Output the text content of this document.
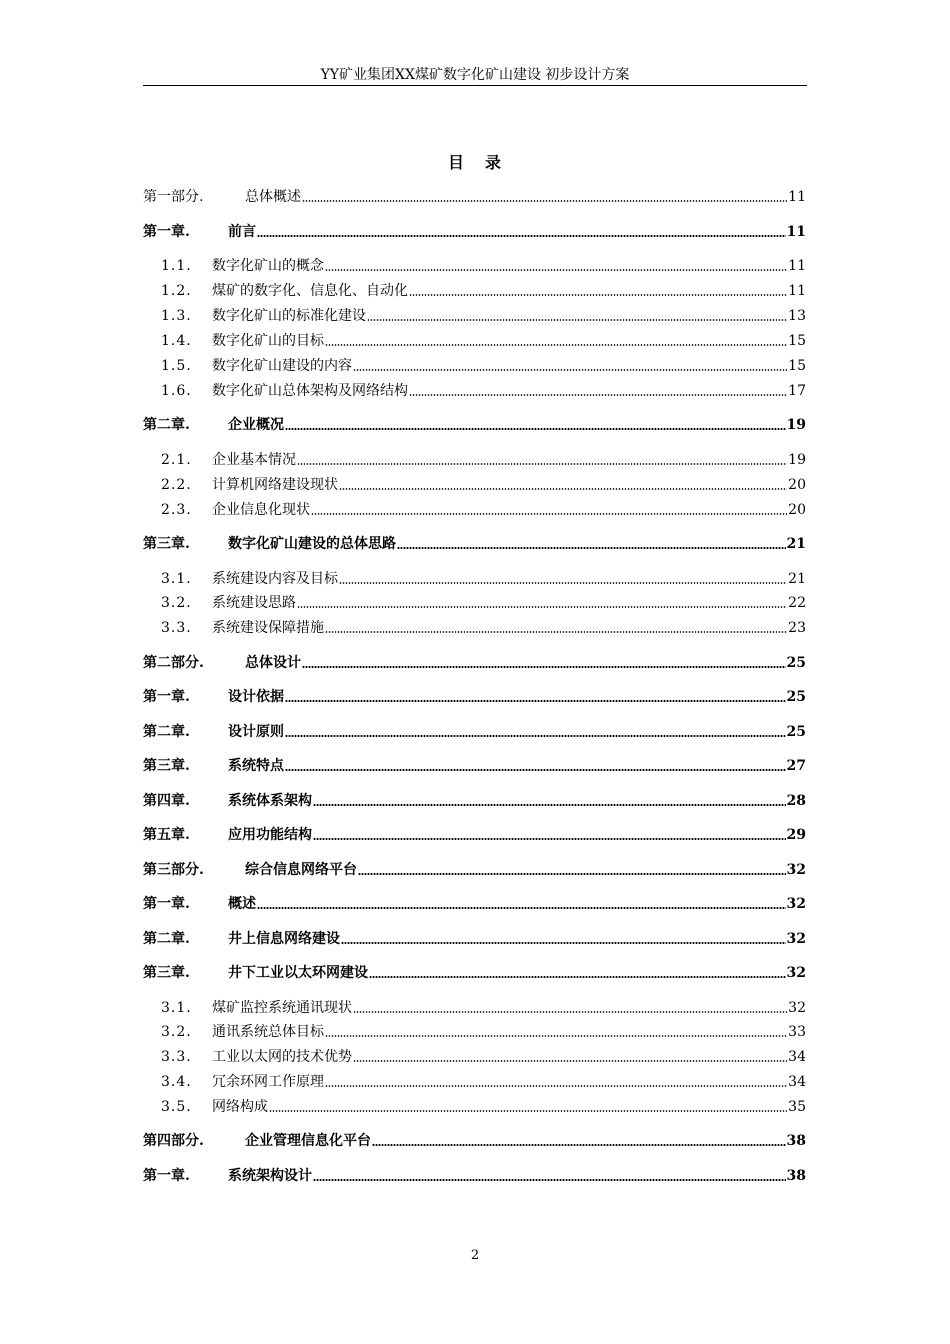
YY矿业集团XX煤矿数字化矿山建设 初步设计方案
目 录
第一部分.	总体概述	11
第一章.	前言	11
1.1.	数字化矿山的概念	11
1.2.	煤矿的数字化、信息化、自动化	11
1.3.	数字化矿山的标准化建设	13
1.4.	数字化矿山的目标	15
1.5.	数字化矿山建设的内容	15
1.6.	数字化矿山总体架构及网络结构	17
第二章.	企业概况	19
2.1.	企业基本情况	19
2.2.	计算机网络建设现状	20
2.3.	企业信息化现状	20
第三章.	数字化矿山建设的总体思路	21
3.1.	系统建设内容及目标	21
3.2.	系统建设思路	22
3.3.	系统建设保障措施	23
第二部分.	总体设计	25
第一章.	设计依据	25
第二章.	设计原则	25
第三章.	系统特点	27
第四章.	系统体系架构	28
第五章.	应用功能结构	29
第三部分.	综合信息网络平台	32
第一章.	概述	32
第二章.	井上信息网络建设	32
第三章.	井下工业以太环网建设	32
3.1.	煤矿监控系统通讯现状	32
3.2.	通讯系统总体目标	33
3.3.	工业以太网的技术优势	34
3.4.	冗余环网工作原理	34
3.5.	网络构成	35
第四部分.	企业管理信息化平台	38
第一章.	系统架构设计	38
2
